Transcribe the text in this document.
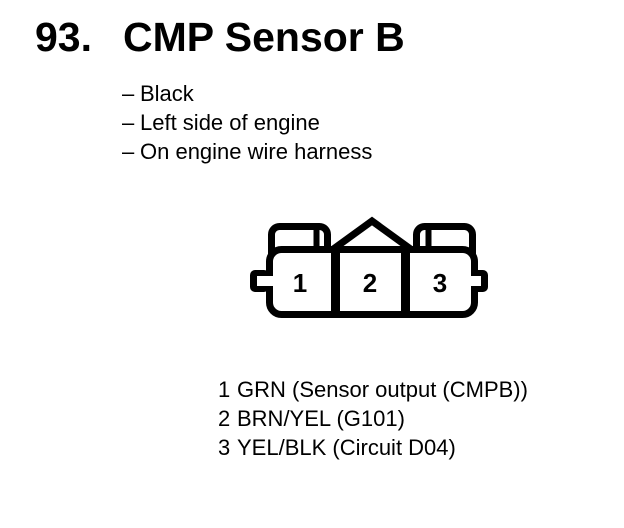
93. CMP Sensor B
– Black
– Left side of engine
– On engine wire harness
1 2 3
1 GRN (Sensor output (CMPB))
2 BRN/YEL (G101)
3 YEL/BLK (Circuit D04)
